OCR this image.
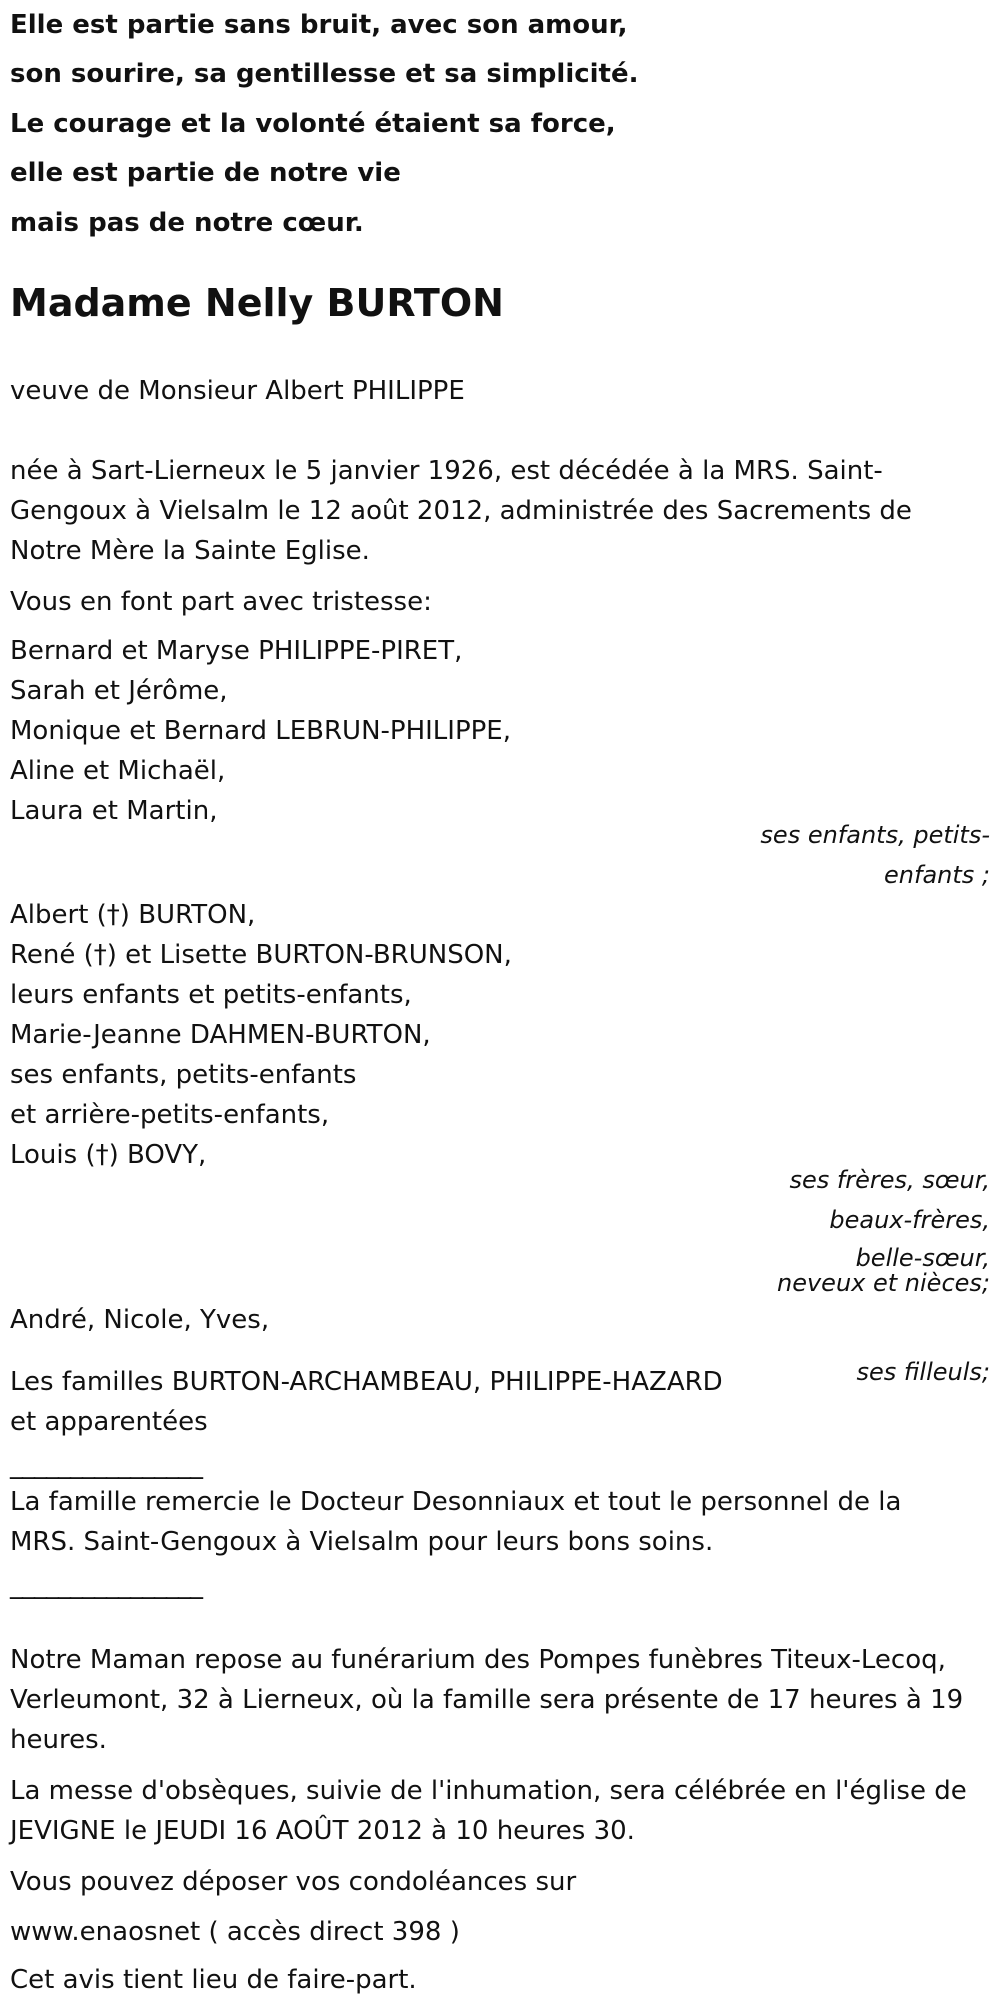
Elle est partie sans bruit, avec son amour,
son sourire, sa gentillesse et sa simplicité.
Le courage et la volonté étaient sa force,
elle est partie de notre vie
mais pas de notre cœur.
Madame Nelly BURTON
veuve de Monsieur Albert PHILIPPE
née à Sart-Lierneux le 5 janvier 1926, est décédée à la MRS. Saint-
Gengoux à Vielsalm le 12 août 2012, administrée des Sacrements de
Notre Mère la Sainte Eglise.
Vous en font part avec tristesse:
Bernard et Maryse PHILIPPE-PIRET,
Sarah et Jérôme,
Monique et Bernard LEBRUN-PHILIPPE,
Aline et Michaël,
Laura et Martin,
ses enfants, petits-
enfants ;
Albert (†) BURTON,
René (†) et Lisette BURTON-BRUNSON,
leurs enfants et petits-enfants,
Marie-Jeanne DAHMEN-BURTON,
ses enfants, petits-enfants
et arrière-petits-enfants,
Louis (†) BOVY,
ses frères, sœur,
beaux-frères,
belle-sœur,
neveux et nièces;
André, Nicole, Yves,
ses filleuls;
Les familles BURTON-ARCHAMBEAU, PHILIPPE-HAZARD
et apparentées
________________
La famille remercie le Docteur Desonniaux et tout le personnel de la
MRS. Saint-Gengoux à Vielsalm pour leurs bons soins.
________________
Notre Maman repose au funérarium des Pompes funèbres Titeux-Lecoq,
Verleumont, 32 à Lierneux, où la famille sera présente de 17 heures à 19
heures.
La messe d'obsèques, suivie de l'inhumation, sera célébrée en l'église de
JEVIGNE le JEUDI 16 AOÛT 2012 à 10 heures 30.
Vous pouvez déposer vos condoléances sur
www.enaosnet ( accès direct 398 )
Cet avis tient lieu de faire-part.
